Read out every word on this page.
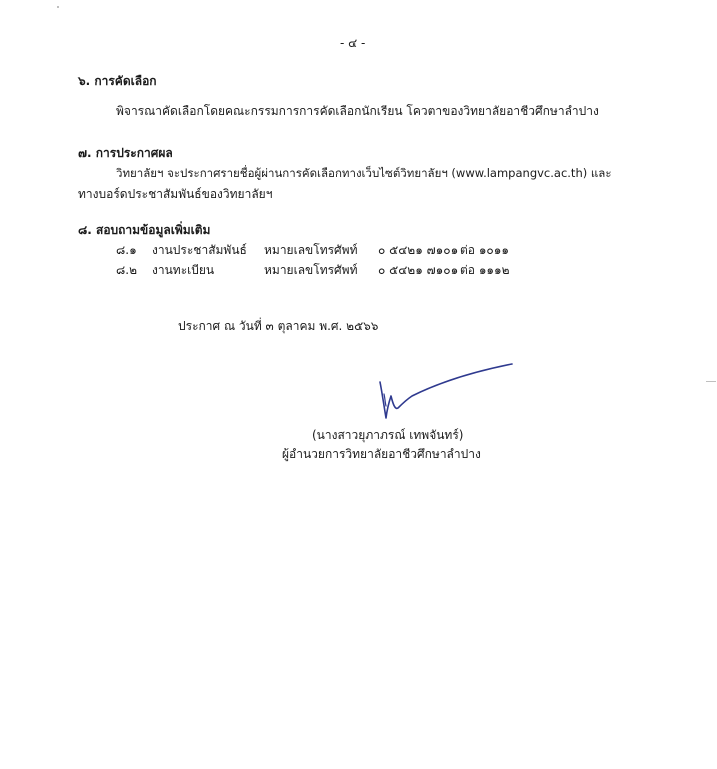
- ๔ -
๖. การคัดเลือก
พิจารณาคัดเลือกโดยคณะกรรมการการคัดเลือกนักเรียน โควตาของวิทยาลัยอาชีวศึกษาลำปาง
๗. การประกาศผล
วิทยาลัยฯ จะประกาศรายชื่อผู้ผ่านการคัดเลือกทางเว็บไซต์วิทยาลัยฯ (www.lampangvc.ac.th) และ
ทางบอร์ดประชาสัมพันธ์ของวิทยาลัยฯ
๘. สอบถามข้อมูลเพิ่มเติม
๘.๑ งานประชาสัมพันธ์ หมายเลขโทรศัพท์ ๐ ๕๔๒๑ ๗๑๐๑ ต่อ ๑๐๑๑
๘.๒ งานทะเบียน	หมายเลขโทรศัพท์ ๐ ๕๔๒๑ ๗๑๐๑ ต่อ ๑๑๑๒
ประกาศ ณ วันที่ ๓ ตุลาคม พ.ศ. ๒๕๖๖
(นางสาวยุภาภรณ์ เทพจันทร์)
ผู้อำนวยการวิทยาลัยอาชีวศึกษาลำปาง
